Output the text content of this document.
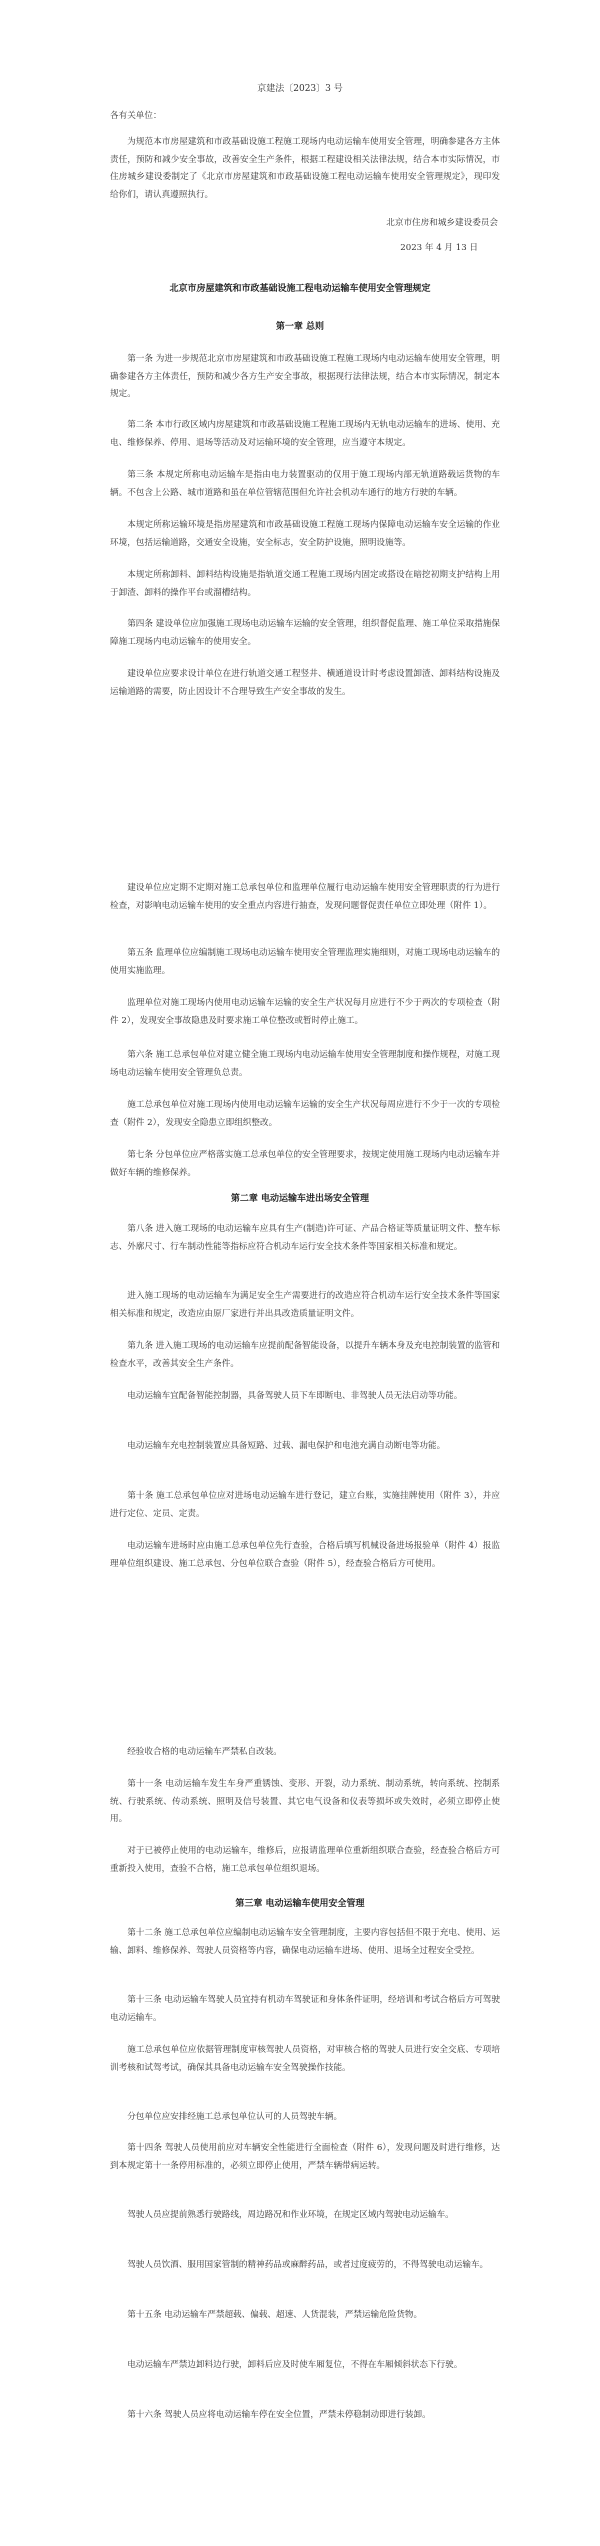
京建法〔2023〕3 号

各有关单位：

为规范本市房屋建筑和市政基础设施工程施工现场内电动运输车使用安全管理，明确参建各方主体责任，预防和减少安全事故，改善安全生产条件，根据工程建设相关法律法规，结合本市实际情况，市住房城乡建设委制定了《北京市房屋建筑和市政基础设施工程电动运输车使用安全管理规定》，现印发给你们，请认真遵照执行。

北京市住房和城乡建设委员会

2023 年 4 月 13 日

北京市房屋建筑和市政基础设施工程电动运输车使用安全管理规定

第一章 总则

第一条 为进一步规范北京市房屋建筑和市政基础设施工程施工现场内电动运输车使用安全管理，明确参建各方主体责任，预防和减少各方生产安全事故，根据现行法律法规，结合本市实际情况，制定本规定。

第二条 本市行政区域内房屋建筑和市政基础设施工程施工现场内无轨电动运输车的进场、使用、充电、维修保养、停用、退场等活动及对运输环境的安全管理，应当遵守本规定。

第三条 本规定所称电动运输车是指由电力装置驱动的仅用于施工现场内部无轨道路载运货物的车辆。不包含上公路、城市道路和虽在单位管辖范围但允许社会机动车通行的地方行驶的车辆。

本规定所称运输环境是指房屋建筑和市政基础设施工程施工现场内保障电动运输车安全运输的作业环境，包括运输道路，交通安全设施，安全标志，安全防护设施，照明设施等。

本规定所称卸料、卸料结构设施是指轨道交通工程施工现场内固定或搭设在暗挖初期支护结构上用于卸渣、卸料的操作平台或溜槽结构。

第四条 建设单位应加强施工现场电动运输车运输的安全管理，组织督促监理、施工单位采取措施保障施工现场内电动运输车的使用安全。

建设单位应要求设计单位在进行轨道交通工程竖井、横通道设计时考虑设置卸渣、卸料结构设施及运输道路的需要，防止因设计不合理导致生产安全事故的发生。

建设单位应定期不定期对施工总承包单位和监理单位履行电动运输车使用安全管理职责的行为进行检查，对影响电动运输车使用的安全重点内容进行抽查，发现问题督促责任单位立即处理（附件 1）。

第五条 监理单位应编制施工现场电动运输车使用安全管理监理实施细则，对施工现场电动运输车的使用实施监理。

监理单位对施工现场内使用电动运输车运输的安全生产状况每月应进行不少于两次的专项检查（附件 2），发现安全事故隐患及时要求施工单位整改或暂时停止施工。

第六条 施工总承包单位对建立健全施工现场内电动运输车使用安全管理制度和操作规程，对施工现场电动运输车使用安全管理负总责。

施工总承包单位对施工现场内使用电动运输车运输的安全生产状况每周应进行不少于一次的专项检查（附件 2），发现安全隐患立即组织整改。

第七条 分包单位应严格落实施工总承包单位的安全管理要求，按规定使用施工现场内电动运输车并做好车辆的维修保养。

第二章 电动运输车进出场安全管理

第八条 进入施工现场的电动运输车应具有生产(制造)许可证、产品合格证等质量证明文件、整车标志、外廓尺寸、行车制动性能等指标应符合机动车运行安全技术条件等国家相关标准和规定。

进入施工现场的电动运输车为满足安全生产需要进行的改造应符合机动车运行安全技术条件等国家相关标准和规定，改造应由原厂家进行并出具改造质量证明文件。

第九条 进入施工现场的电动运输车应提前配备智能设备，以提升车辆本身及充电控制装置的监管和检查水平，改善其安全生产条件。

电动运输车宜配备智能控制器，具备驾驶人员下车即断电、非驾驶人员无法启动等功能。

电动运输车充电控制装置应具备短路、过载、漏电保护和电池充满自动断电等功能。

第十条 施工总承包单位应对进场电动运输车进行登记，建立台账，实施挂牌使用（附件 3），并应进行定位、定员、定责。

电动运输车进场时应由施工总承包单位先行查验，合格后填写机械设备进场报验单（附件 4）报监理单位组织建设、施工总承包、分包单位联合查验（附件 5），经查验合格后方可使用。

经验收合格的电动运输车严禁私自改装。

第十一条 电动运输车发生车身严重锈蚀、变形、开裂，动力系统、制动系统，转向系统、控制系统、行驶系统、传动系统、照明及信号装置、其它电气设备和仪表等损坏或失效时，必须立即停止使用。

对于已被停止使用的电动运输车，维修后，应报请监理单位重新组织联合查验，经查验合格后方可重新投入使用，查验不合格，施工总承包单位组织退场。

第三章 电动运输车使用安全管理

第十二条 施工总承包单位应编制电动运输车安全管理制度，主要内容包括但不限于充电、使用、运输、卸料、维修保养、驾驶人员资格等内容，确保电动运输车进场、使用、退场全过程安全受控。

第十三条 电动运输车驾驶人员宜持有机动车驾驶证和身体条件证明，经培训和考试合格后方可驾驶电动运输车。

施工总承包单位应依据管理制度审核驾驶人员资格，对审核合格的驾驶人员进行安全交底、专项培训考核和试驾考试，确保其具备电动运输车安全驾驶操作技能。

分包单位应安排经施工总承包单位认可的人员驾驶车辆。

第十四条 驾驶人员使用前应对车辆安全性能进行全面检查（附件 6），发现问题及时进行维修，达到本规定第十一条停用标准的，必须立即停止使用，严禁车辆带病运转。

驾驶人员应提前熟悉行驶路线，周边路况和作业环境，在规定区域内驾驶电动运输车。

驾驶人员饮酒、服用国家管制的精神药品或麻醉药品，或者过度疲劳的，不得驾驶电动运输车。

第十五条 电动运输车严禁超载、偏载、超速、人货混装，严禁运输危险货物。

电动运输车严禁边卸料边行驶，卸料后应及时使车厢复位，不得在车厢倾斜状态下行驶。

第十六条 驾驶人员应将电动运输车停在安全位置，严禁未停稳制动即进行装卸。
